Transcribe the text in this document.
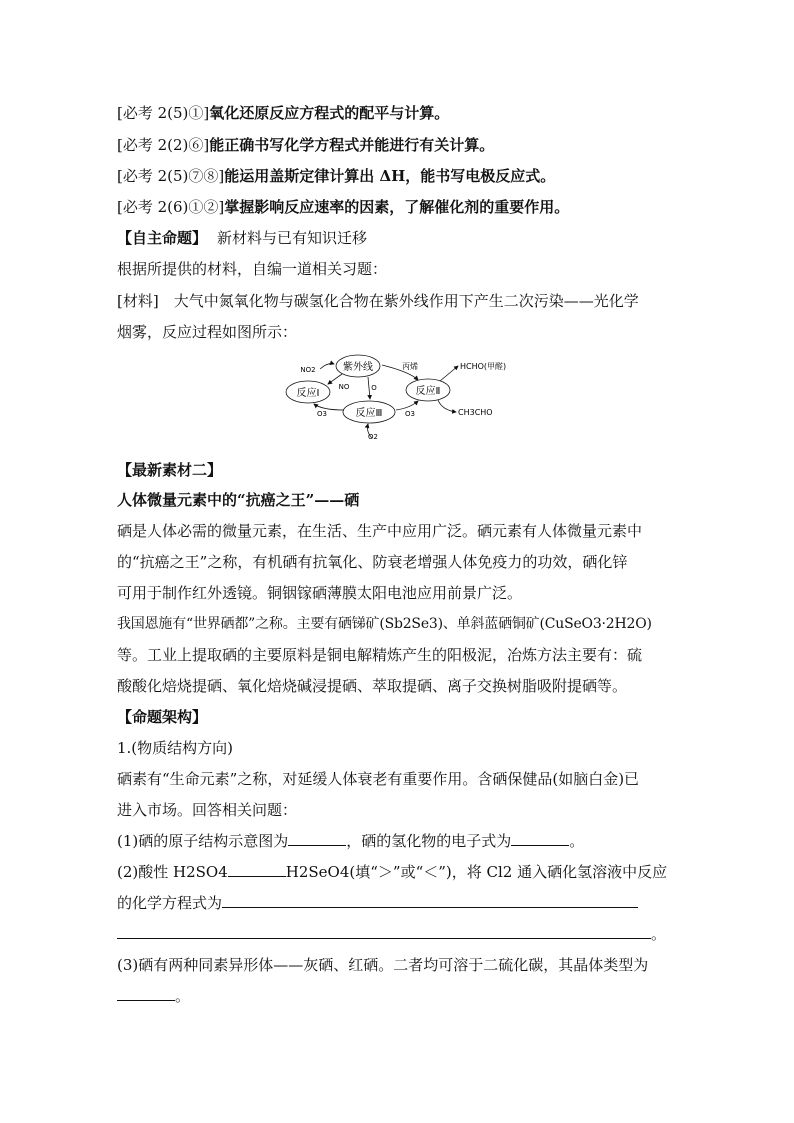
[必考 2(5)①]氧化还原反应方程式的配平与计算。
[必考 2(2)⑥]能正确书写化学方程式并能进行有关计算。
[必考 2(5)⑦⑧]能运用盖斯定律计算出 ΔH，能书写电极反应式。
[必考 2(6)①②]掌握影响反应速率的因素，了解催化剂的重要作用。
【自主命题】 新材料与已有知识迁移
根据所提供的材料，自编一道相关习题：
[材料]　大气中氮氧化物与碳氢化合物在紫外线作用下产生二次污染——光化学
烟雾，反应过程如图所示：
紫外线
反应Ⅰ
反应Ⅲ
反应Ⅱ
NO2
NO	O
O3	O3
O2
丙烯	HCHO(甲醛)
CH3CHO
【最新素材二】
人体微量元素中的“抗癌之王”——硒
硒是人体必需的微量元素，在生活、生产中应用广泛。硒元素有人体微量元素中
的“抗癌之王”之称，有机硒有抗氧化、防衰老增强人体免疫力的功效，硒化锌
可用于制作红外透镜。铜铟镓硒薄膜太阳电池应用前景广泛。
我国恩施有“世界硒都”之称。主要有硒锑矿(Sb2Se3)、单斜蓝硒铜矿(CuSeO3·2H2O)
等。工业上提取硒的主要原料是铜电解精炼产生的阳极泥，冶炼方法主要有：硫
酸酸化焙烧提硒、氧化焙烧碱浸提硒、萃取提硒、离子交换树脂吸附提硒等。
【命题架构】
1.(物质结构方向)
硒素有“生命元素”之称，对延缓人体衰老有重要作用。含硒保健品(如脑白金)已
进入市场。回答相关问题：
(1)硒的原子结构示意图为	，硒的氢化物的电子式为	。
(2)酸性 H2SO4	H2SeO4(填“＞”或“＜”)，将 Cl2 通入硒化氢溶液中反应
的化学方程式为
。
(3)硒有两种同素异形体——灰硒、红硒。二者均可溶于二硫化碳，其晶体类型为
。
